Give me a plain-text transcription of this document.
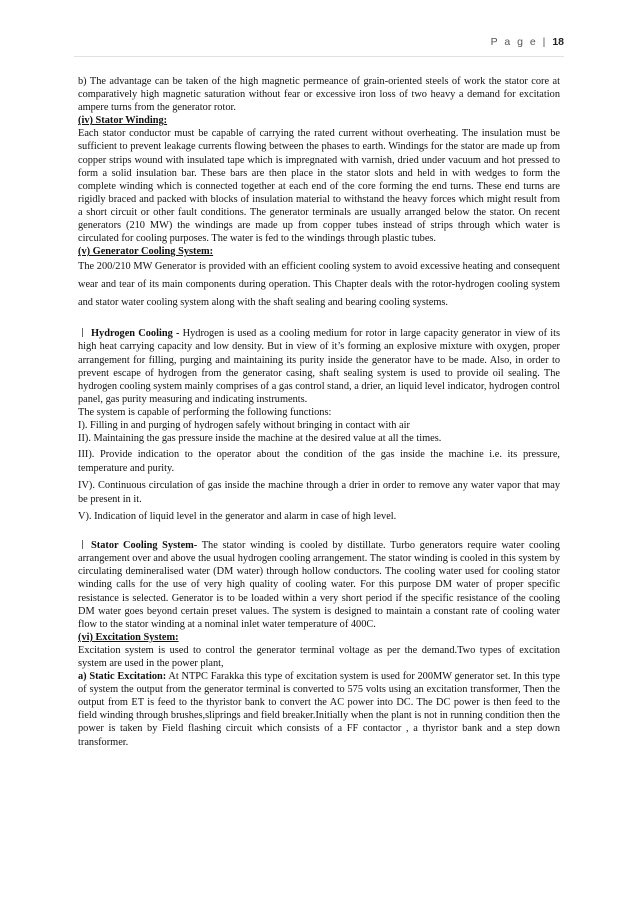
P a g e | 18

b) The advantage can be taken of the high magnetic permeance of grain-oriented steels of work the stator core at comparatively high magnetic saturation without fear or excessive iron loss of two heavy a demand for excitation ampere turns from the generator rotor.

(iv) Stator Winding:

Each stator conductor must be capable of carrying the rated current without overheating. The insulation must be sufficient to prevent leakage currents flowing between the phases to earth. Windings for the stator are made up from copper strips wound with insulated tape which is impregnated with varnish, dried under vacuum and hot pressed to form a solid insulation bar. These bars are then place in the stator slots and held in with wedges to form the complete winding which is connected together at each end of the core forming the end turns. These end turns are rigidly braced and packed with blocks of insulation material to withstand the heavy forces which might result from a short circuit or other fault conditions. The generator terminals are usually arranged below the stator. On recent generators (210 MW) the windings are made up from copper tubes instead of strips through which water is circulated for cooling purposes. The water is fed to the windings through plastic tubes.

(v) Generator Cooling System:

The 200/210 MW Generator is provided with an efficient cooling system to avoid excessive heating and consequent wear and tear of its main components during operation. This Chapter deals with the rotor-hydrogen cooling system and stator water cooling system along with the shaft sealing and bearing cooling systems.

Hydrogen Cooling - Hydrogen is used as a cooling medium for rotor in large capacity generator in view of its high heat carrying capacity and low density. But in view of it’s forming an explosive mixture with oxygen, proper arrangement for filling, purging and maintaining its purity inside the generator have to be made. Also, in order to prevent escape of hydrogen from the generator casing, shaft sealing system is used to provide oil sealing. The hydrogen cooling system mainly comprises of a gas control stand, a drier, an liquid level indicator, hydrogen control panel, gas purity measuring and indicating instruments.

The system is capable of performing the following functions:

I). Filling in and purging of hydrogen safely without bringing in contact with air

II). Maintaining the gas pressure inside the machine at the desired value at all the times.

III). Provide indication to the operator about the condition of the gas inside the machine i.e. its pressure, temperature and purity.

IV). Continuous circulation of gas inside the machine through a drier in order to remove any water vapor that may be present in it.

V). Indication of liquid level in the generator and alarm in case of high level.

Stator Cooling System- The stator winding is cooled by distillate. Turbo generators require water cooling arrangement over and above the usual hydrogen cooling arrangement. The stator winding is cooled in this system by circulating demineralised water (DM water) through hollow conductors. The cooling water used for cooling stator winding calls for the use of very high quality of cooling water. For this purpose DM water of proper specific resistance is selected. Generator is to be loaded within a very short period if the specific resistance of the cooling DM water goes beyond certain preset values. The system is designed to maintain a constant rate of cooling water flow to the stator winding at a nominal inlet water temperature of 400C.

(vi) Excitation System:

Excitation system is used to control the generator terminal voltage as per the demand.Two types of excitation system are used in the power plant,

a) Static Excitation: At NTPC Farakka this type of excitation system is used for 200MW generator set. In this type of system the output from the generator terminal is converted to 575 volts using an excitation transformer, Then the output from ET is feed to the thyristor bank to convert the AC power into DC. The DC power is then feed to the field winding through brushes,sliprings and field breaker.Initially when the plant is not in running condition then the power is taken by Field flashing circuit which consists of a FF contactor , a thyristor bank and a step down transformer.
